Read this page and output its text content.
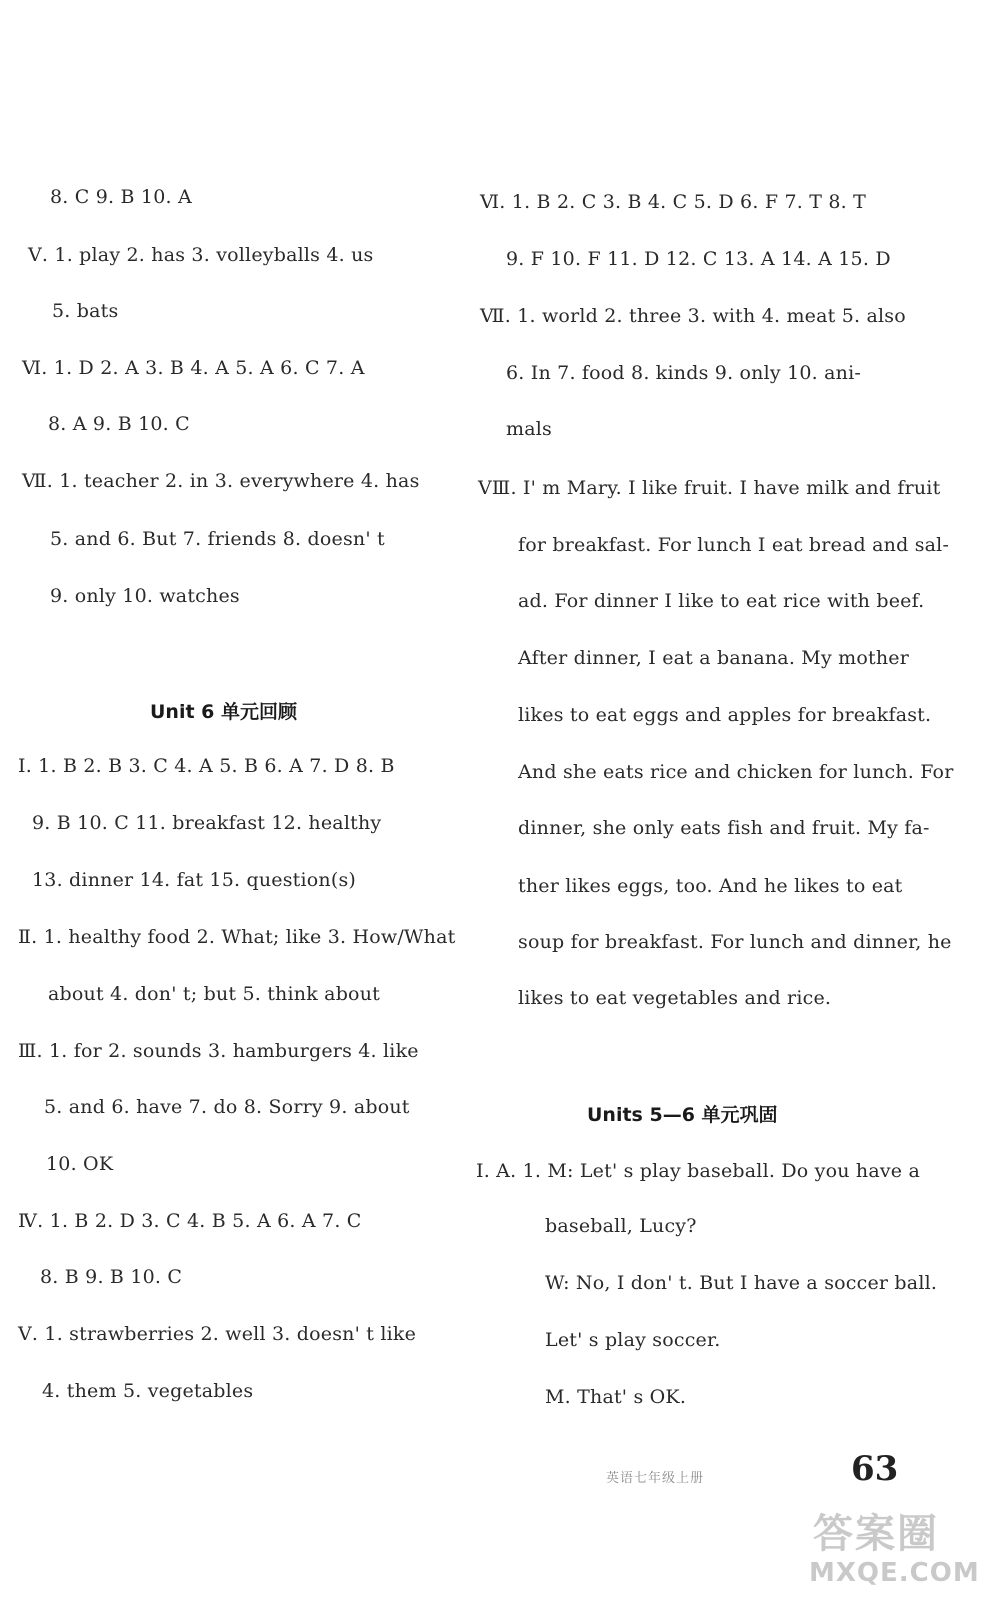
8. C 9. B 10. A
Ⅴ. 1. play 2. has 3. volleyballs 4. us
5. bats
Ⅵ. 1. D 2. A 3. B 4. A 5. A 6. C 7. A
8. A 9. B 10. C
Ⅶ. 1. teacher 2. in 3. everywhere 4. has
5. and 6. But 7. friends 8. doesn' t
9. only 10. watches
Unit 6 单元回顾
Ⅰ. 1. B 2. B 3. C 4. A 5. B 6. A 7. D 8. B
9. B 10. C 11. breakfast 12. healthy
13. dinner 14. fat 15. question(s)
Ⅱ. 1. healthy food 2. What; like 3. How/What
about 4. don' t; but 5. think about
Ⅲ. 1. for 2. sounds 3. hamburgers 4. like
5. and 6. have 7. do 8. Sorry 9. about
10. OK
Ⅳ. 1. B 2. D 3. C 4. B 5. A 6. A 7. C
8. B 9. B 10. C
Ⅴ. 1. strawberries 2. well 3. doesn' t like
4. them 5. vegetables
Ⅵ. 1. B 2. C 3. B 4. C 5. D 6. F 7. T 8. T
9. F 10. F 11. D 12. C 13. A 14. A 15. D
Ⅶ. 1. world 2. three 3. with 4. meat 5. also
6. In 7. food 8. kinds 9. only 10. ani-
mals
ⅤⅢ. I' m Mary. I like fruit. I have milk and fruit
for breakfast. For lunch I eat bread and sal-
ad. For dinner I like to eat rice with beef.
After dinner, I eat a banana. My mother
likes to eat eggs and apples for breakfast.
And she eats rice and chicken for lunch. For
dinner, she only eats fish and fruit. My fa-
ther likes eggs, too. And he likes to eat
soup for breakfast. For lunch and dinner, he
likes to eat vegetables and rice.
Units 5—6 单元巩固
Ⅰ. A. 1. M: Let' s play baseball. Do you have a
baseball, Lucy?
W: No, I don' t. But I have a soccer ball.
Let' s play soccer.
M. That' s OK.
英语七年级上册	63
答案圈
MXQE.COM
